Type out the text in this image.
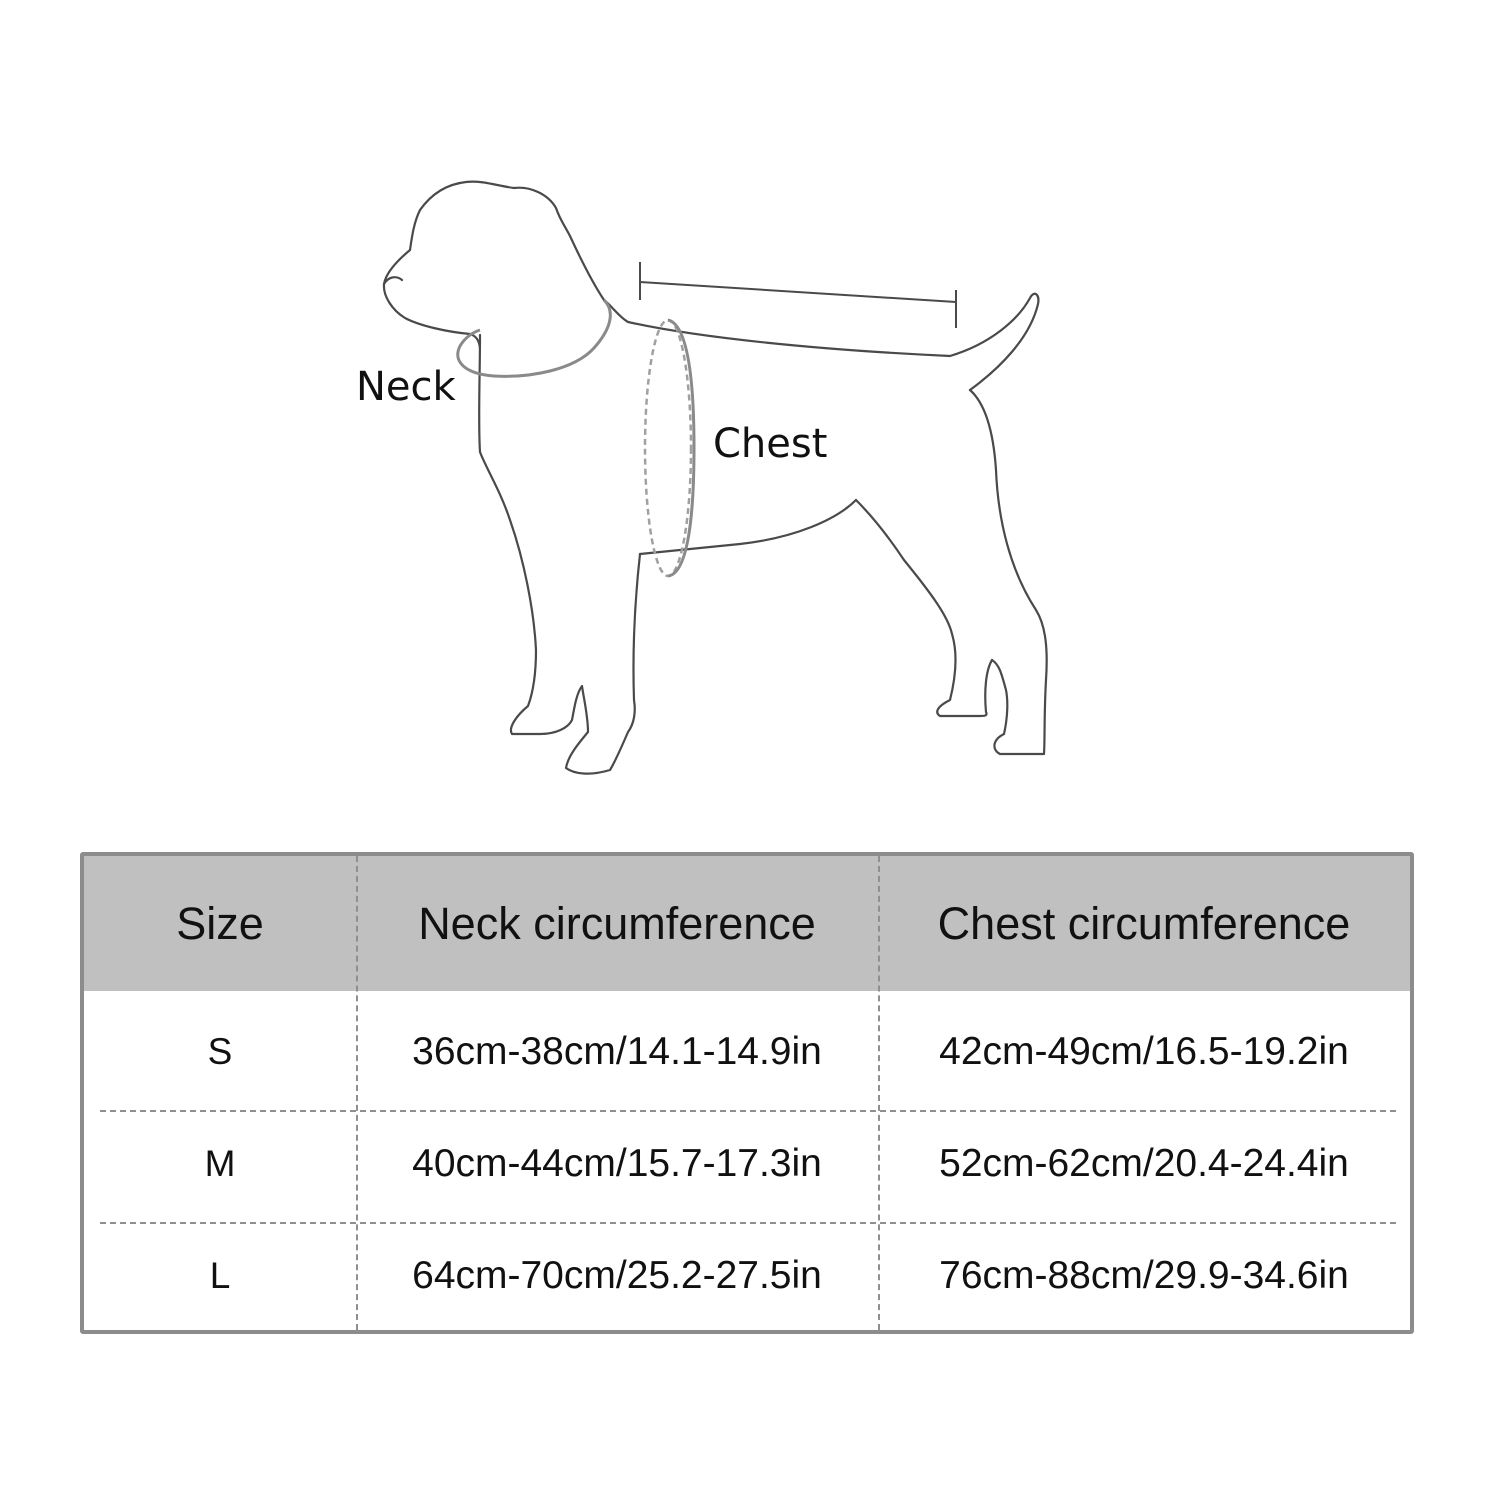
Neck
Chest
Size	Neck circumference	Chest circumference
S	36cm-38cm/14.1-14.9in	42cm-49cm/16.5-19.2in
M	40cm-44cm/15.7-17.3in	52cm-62cm/20.4-24.4in
L	64cm-70cm/25.2-27.5in	76cm-88cm/29.9-34.6in
